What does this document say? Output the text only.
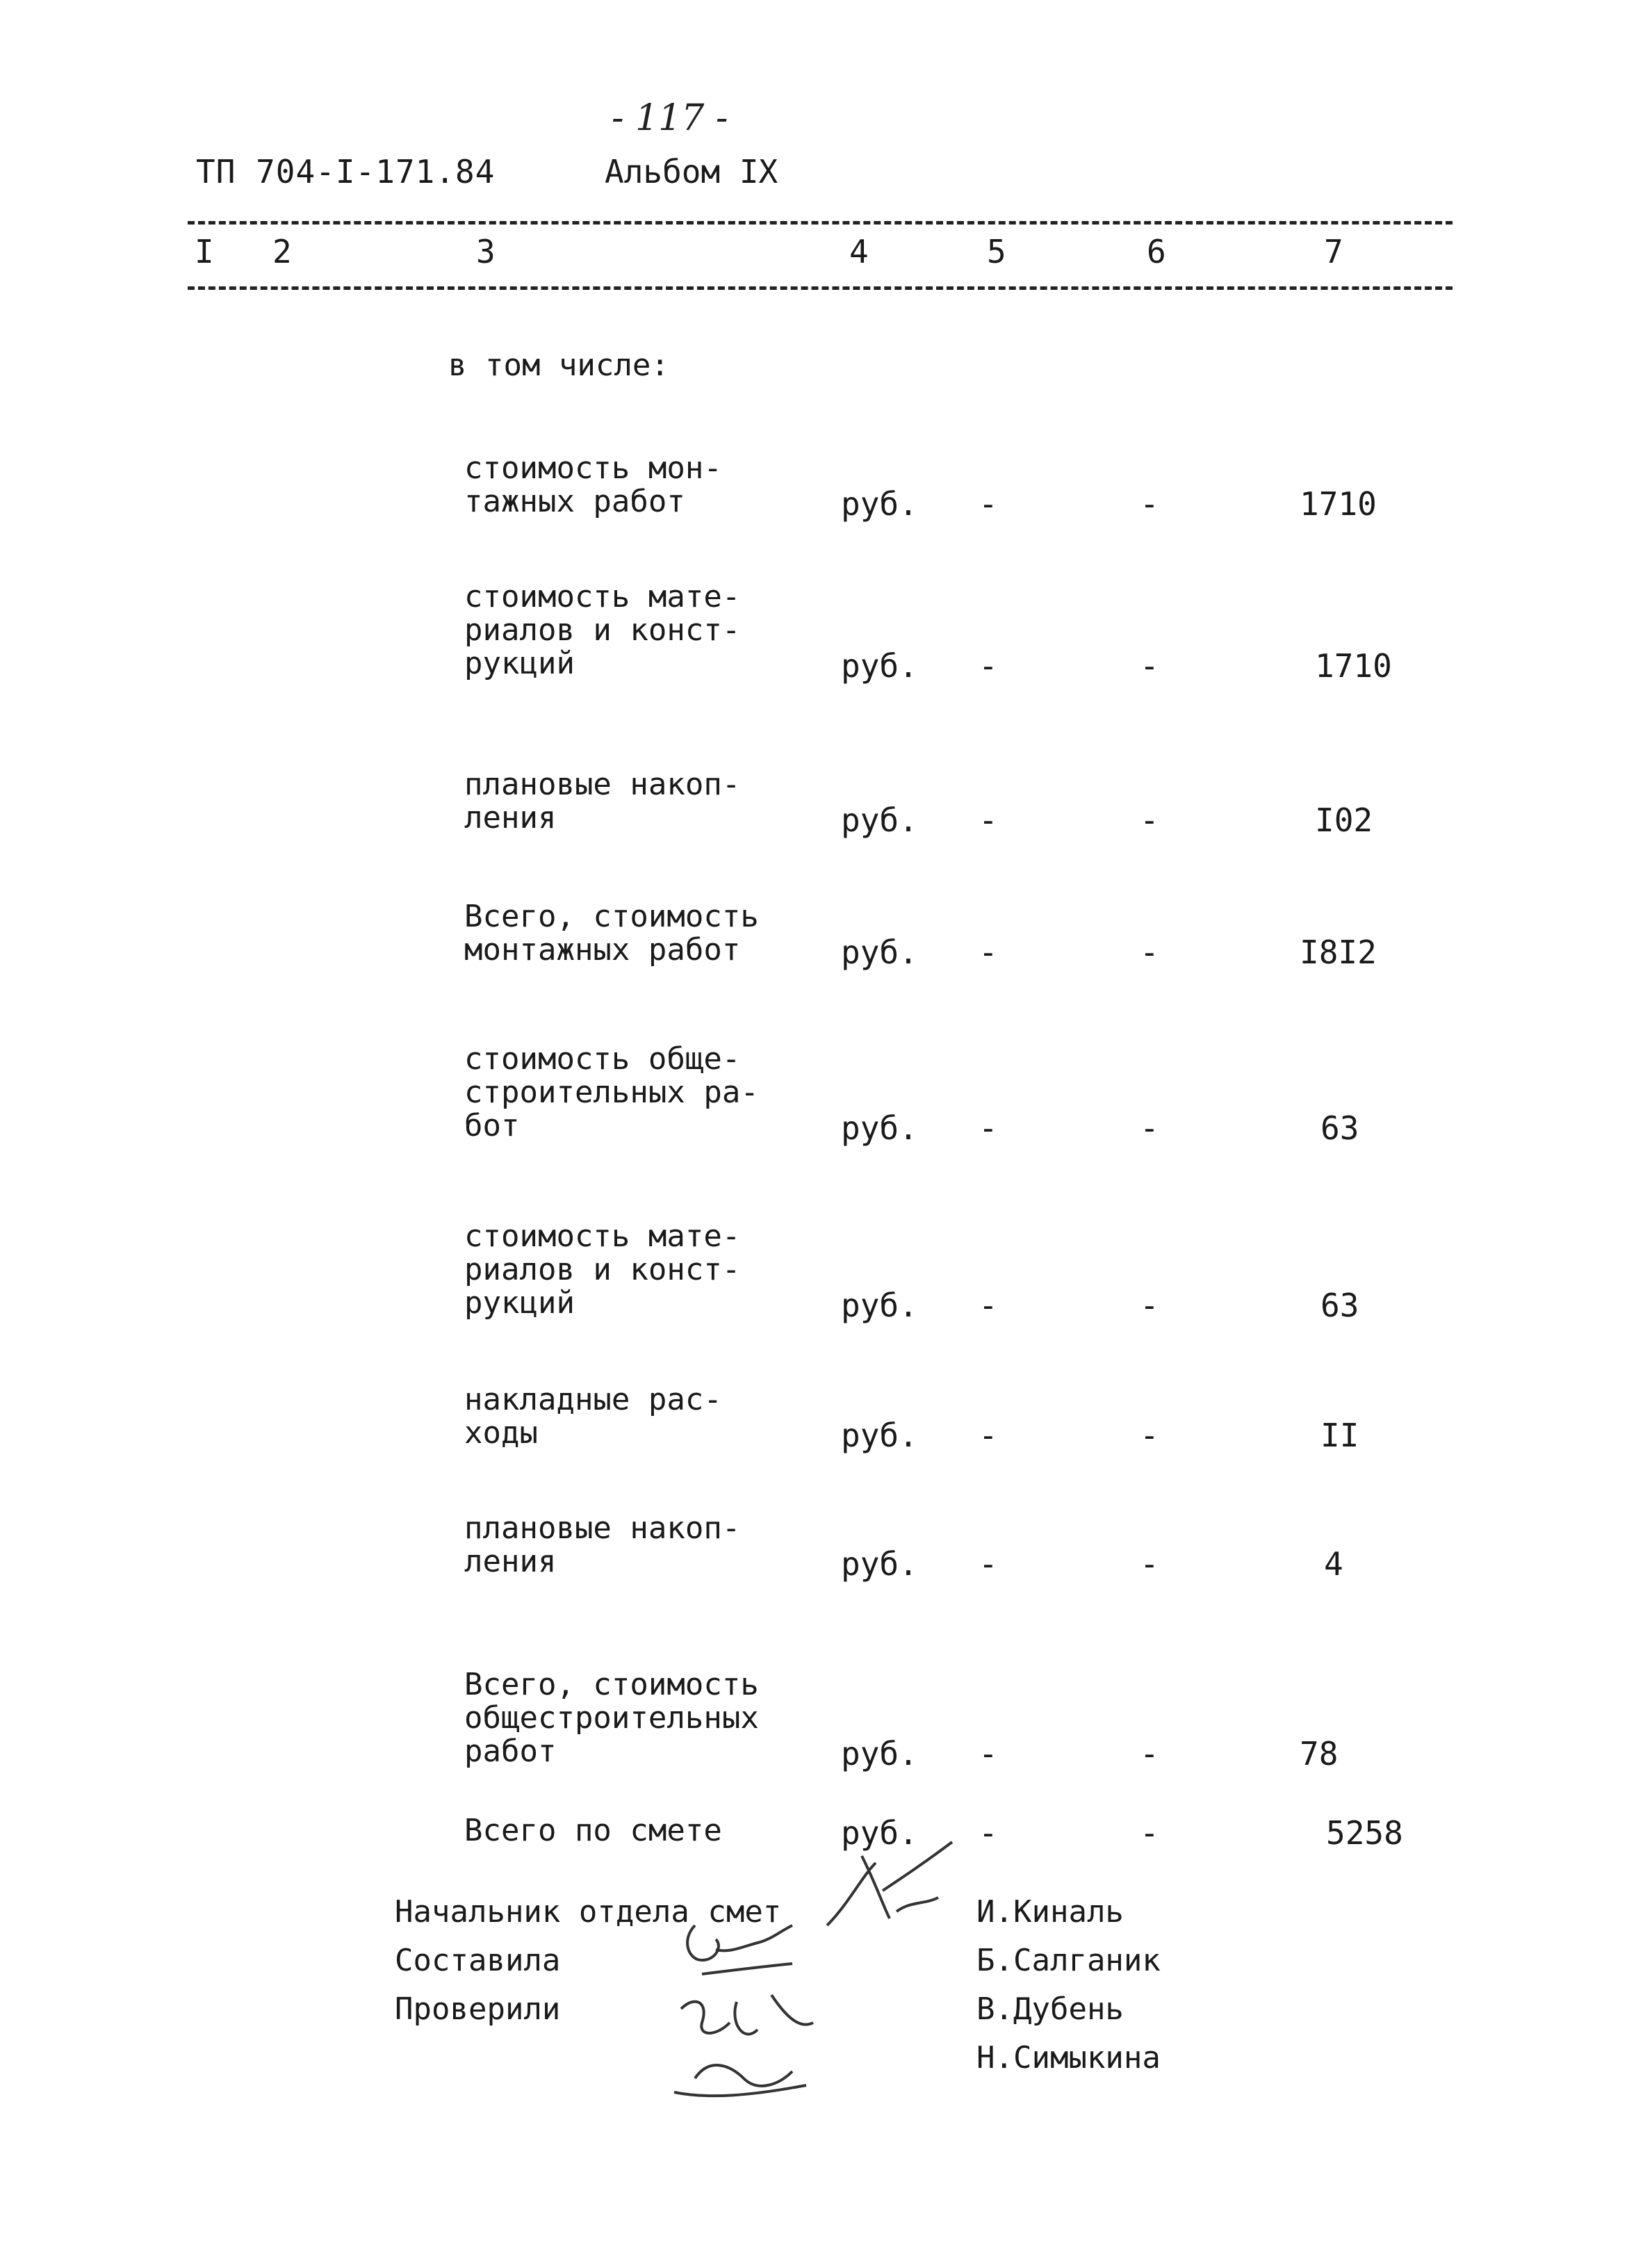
- 117 -
ТП 704-I-171.84	Альбом IX
I 2	3	4	5	6	7
в том числе:
стоимость мон-
тажных работ	руб. -	-	1710
стоимость мате-
риалов и конст-
рукций	руб. -	-	1710
плановые накоп-
ления	руб. -	-	I02
Всего, стоимость
монтажных работ	руб. -	-	I8I2
стоимость обще-
строительных ра-
бот	руб. -	-	63
стоимость мате-
риалов и конст-
рукций	руб. -	-	63
накладные рас-
ходы	руб. -	-	II
плановые накоп-
ления	руб. -	-	4
Всего, стоимость
общестроительных
работ	руб. -	-	78
Всего по смете	руб. -	-	5258
Начальник отдела смет	И.Киналь
Составила	Б.Салганик
Проверили	В.Дубень
Н.Симыкина
